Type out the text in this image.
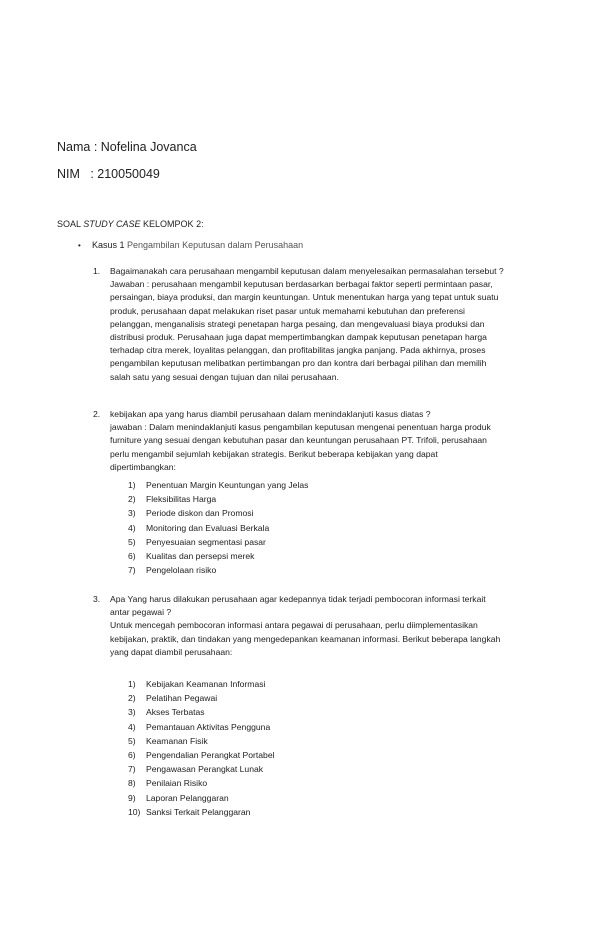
Nama : Nofelina Jovanca
NIM   : 210050049
SOAL STUDY CASE KELOMPOK 2:
• Kasus 1 Pengambilan Keputusan dalam Perusahaan
1. Bagaimanakah cara perusahaan mengambil keputusan dalam menyelesaikan permasalahan tersebut ?
Jawaban : perusahaan mengambil keputusan berdasarkan berbagai faktor seperti permintaan pasar,
persaingan, biaya produksi, dan margin keuntungan. Untuk menentukan harga yang tepat untuk suatu
produk, perusahaan dapat melakukan riset pasar untuk memahami kebutuhan dan preferensi
pelanggan, menganalisis strategi penetapan harga pesaing, dan mengevaluasi biaya produksi dan
distribusi produk. Perusahaan juga dapat mempertimbangkan dampak keputusan penetapan harga
terhadap citra merek, loyalitas pelanggan, dan profitabilitas jangka panjang. Pada akhirnya, proses
pengambilan keputusan melibatkan pertimbangan pro dan kontra dari berbagai pilihan dan memilih
salah satu yang sesuai dengan tujuan dan nilai perusahaan.
2. kebijakan apa yang harus diambil perusahaan dalam menindaklanjuti kasus diatas ?
jawaban : Dalam menindaklanjuti kasus pengambilan keputusan mengenai penentuan harga produk
furniture yang sesuai dengan kebutuhan pasar dan keuntungan perusahaan PT. Trifoli, perusahaan
perlu mengambil sejumlah kebijakan strategis. Berikut beberapa kebijakan yang dapat
dipertimbangkan:
1) Penentuan Margin Keuntungan yang Jelas
2) Fleksibilitas Harga
3) Periode diskon dan Promosi
4) Monitoring dan Evaluasi Berkala
5) Penyesuaian segmentasi pasar
6) Kualitas dan persepsi merek
7) Pengelolaan risiko
3. Apa Yang harus dilakukan perusahaan agar kedepannya tidak terjadi pembocoran informasi terkait
antar pegawai ?
Untuk mencegah pembocoran informasi antara pegawai di perusahaan, perlu diimplementasikan
kebijakan, praktik, dan tindakan yang mengedepankan keamanan informasi. Berikut beberapa langkah
yang dapat diambil perusahaan:
1) Kebijakan Keamanan Informasi
2) Pelatihan Pegawai
3) Akses Terbatas
4) Pemantauan Aktivitas Pengguna
5) Keamanan Fisik
6) Pengendalian Perangkat Portabel
7) Pengawasan Perangkat Lunak
8) Penilaian Risiko
9) Laporan Pelanggaran
10) Sanksi Terkait Pelanggaran
